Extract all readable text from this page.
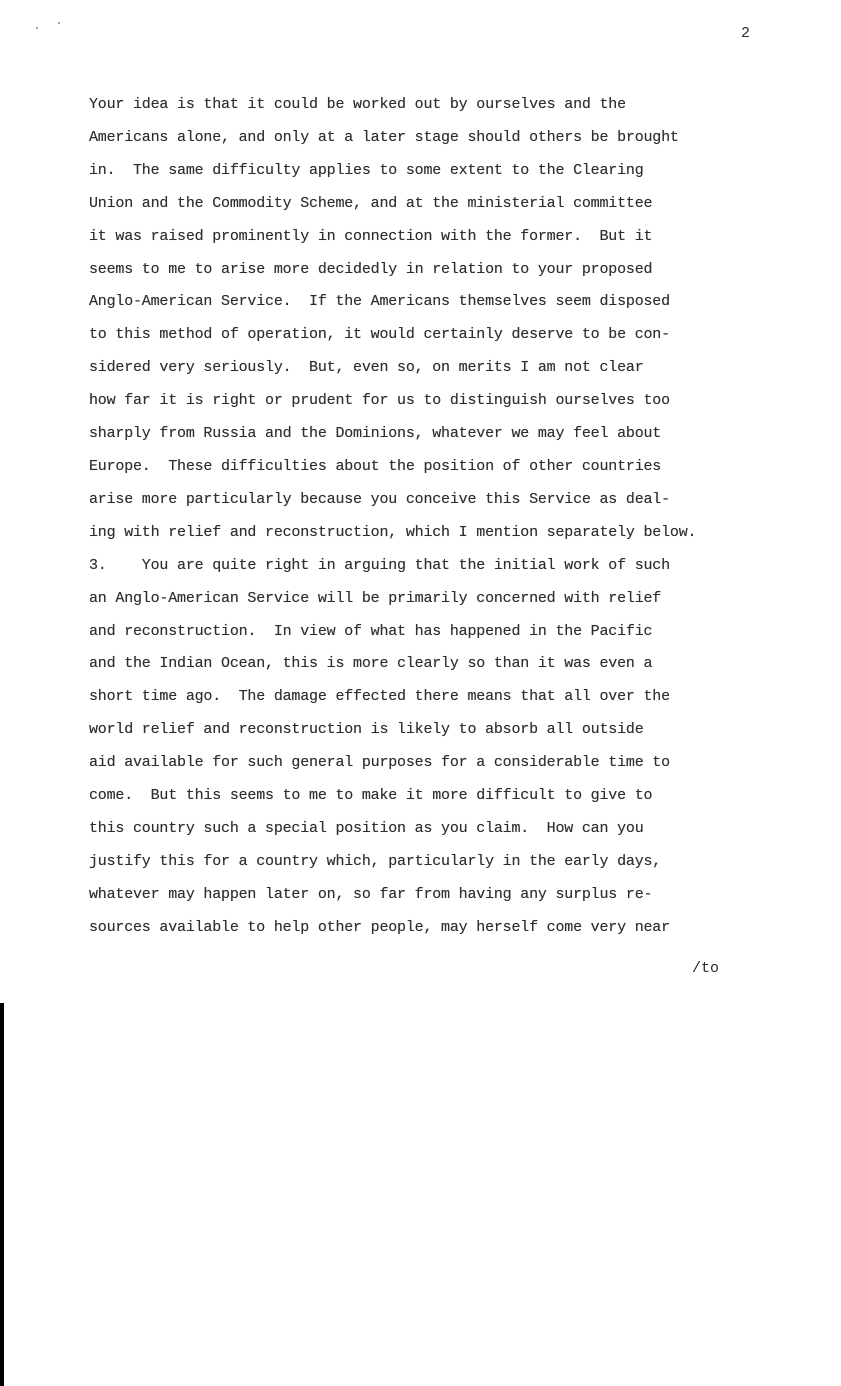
2
Your idea is that it could be worked out by ourselves and the
Americans alone, and only at a later stage should others be brought
in.  The same difficulty applies to some extent to the Clearing
Union and the Commodity Scheme, and at the ministerial committee
it was raised prominently in connection with the former.  But it
seems to me to arise more decidedly in relation to your proposed
Anglo-American Service.  If the Americans themselves seem disposed
to this method of operation, it would certainly deserve to be con-
sidered very seriously.  But, even so, on merits I am not clear
how far it is right or prudent for us to distinguish ourselves too
sharply from Russia and the Dominions, whatever we may feel about
Europe.  These difficulties about the position of other countries
arise more particularly because you conceive this Service as deal-
ing with relief and reconstruction, which I mention separately below.
3.    You are quite right in arguing that the initial work of such
an Anglo-American Service will be primarily concerned with relief
and reconstruction.  In view of what has happened in the Pacific
and the Indian Ocean, this is more clearly so than it was even a
short time ago.  The damage effected there means that all over the
world relief and reconstruction is likely to absorb all outside
aid available for such general purposes for a considerable time to
come.  But this seems to me to make it more difficult to give to
this country such a special position as you claim.  How can you
justify this for a country which, particularly in the early days,
whatever may happen later on, so far from having any surplus re-
sources available to help other people, may herself come very near
/to
